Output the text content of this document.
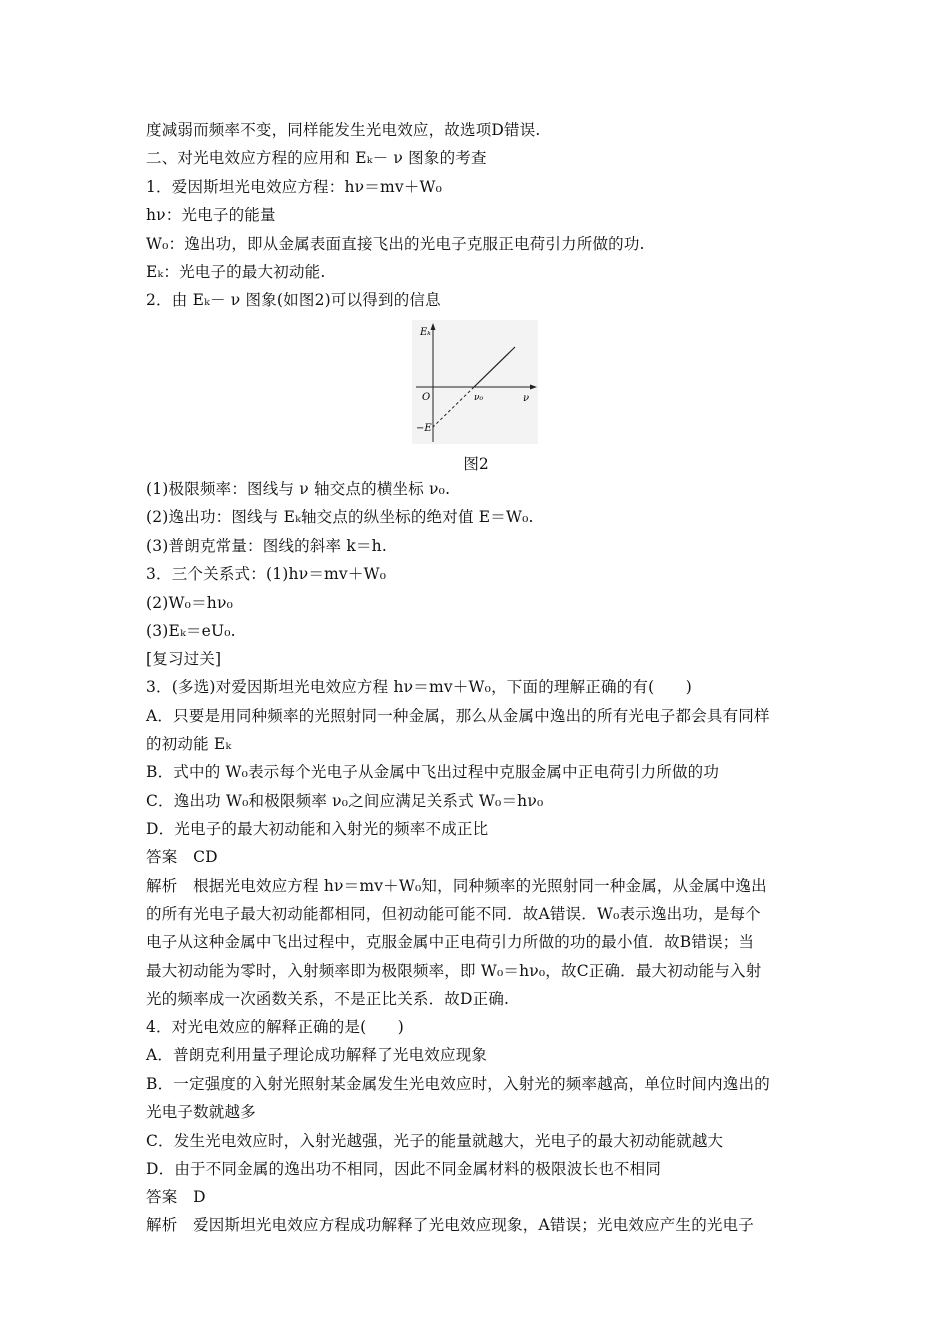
度减弱而频率不变，同样能发生光电效应，故选项D错误.
二、对光电效应方程的应用和 Eₖ－ ν 图象的考查
1．爱因斯坦光电效应方程：hν＝mv＋W₀
hν：光电子的能量
W₀：逸出功，即从金属表面直接飞出的光电子克服正电荷引力所做的功.
Eₖ：光电子的最大初动能.
2．由 Eₖ－ ν 图象(如图2)可以得到的信息
Eₖ
ν
O	ν₀
−E
图2
(1)极限频率：图线与 ν 轴交点的横坐标 ν₀.
(2)逸出功：图线与 Eₖ轴交点的纵坐标的绝对值 E＝W₀.
(3)普朗克常量：图线的斜率 k＝h.
3．三个关系式：(1)hν＝mv＋W₀
(2)W₀＝hν₀
(3)Eₖ＝eU₀.
[复习过关]
3．(多选)对爱因斯坦光电效应方程 hν＝mv＋W₀，下面的理解正确的有(　　)
A．只要是用同种频率的光照射同一种金属，那么从金属中逸出的所有光电子都会具有同样
的初动能 Eₖ
B．式中的 W₀表示每个光电子从金属中飞出过程中克服金属中正电荷引力所做的功
C．逸出功 W₀和极限频率 ν₀之间应满足关系式 W₀＝hν₀
D．光电子的最大初动能和入射光的频率不成正比
答案　CD
解析　根据光电效应方程 hν＝mv＋W₀知，同种频率的光照射同一种金属，从金属中逸出
的所有光电子最大初动能都相同，但初动能可能不同．故A错误．W₀表示逸出功，是每个
电子从这种金属中飞出过程中，克服金属中正电荷引力所做的功的最小值．故B错误；当
最大初动能为零时，入射频率即为极限频率，即 W₀＝hν₀，故C正确．最大初动能与入射
光的频率成一次函数关系，不是正比关系．故D正确.
4．对光电效应的解释正确的是(　　)
A．普朗克利用量子理论成功解释了光电效应现象
B．一定强度的入射光照射某金属发生光电效应时，入射光的频率越高，单位时间内逸出的
光电子数就越多
C．发生光电效应时，入射光越强，光子的能量就越大，光电子的最大初动能就越大
D．由于不同金属的逸出功不相同，因此不同金属材料的极限波长也不相同
答案　D
解析　爱因斯坦光电效应方程成功解释了光电效应现象，A错误；光电效应产生的光电子
